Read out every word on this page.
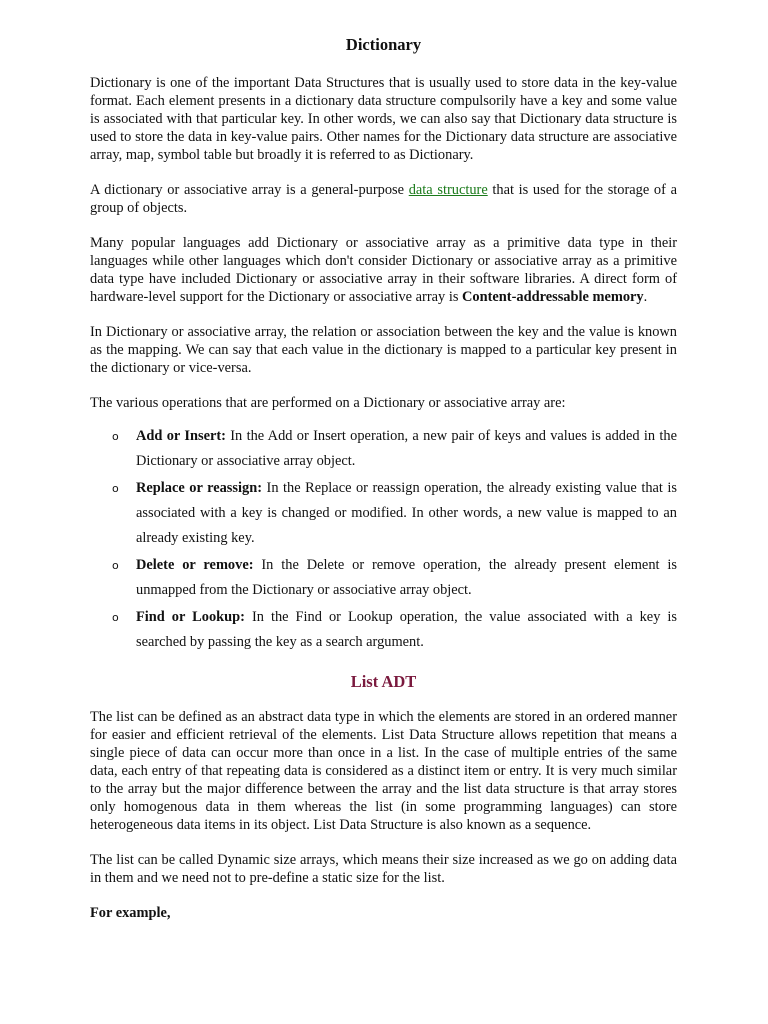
Dictionary

Dictionary is one of the important Data Structures that is usually used to store data in the key-value format. Each element presents in a dictionary data structure compulsorily have a key and some value is associated with that particular key. In other words, we can also say that Dictionary data structure is used to store the data in key-value pairs. Other names for the Dictionary data structure are associative array, map, symbol table but broadly it is referred to as Dictionary.

A dictionary or associative array is a general-purpose data structure that is used for the storage of a group of objects.

Many popular languages add Dictionary or associative array as a primitive data type in their languages while other languages which don't consider Dictionary or associative array as a primitive data type have included Dictionary or associative array in their software libraries. A direct form of hardware-level support for the Dictionary or associative array is Content-addressable memory.

In Dictionary or associative array, the relation or association between the key and the value is known as the mapping. We can say that each value in the dictionary is mapped to a particular key present in the dictionary or vice-versa.

The various operations that are performed on a Dictionary or associative array are:

o Add or Insert: In the Add or Insert operation, a new pair of keys and values is added in the Dictionary or associative array object.
o Replace or reassign: In the Replace or reassign operation, the already existing value that is associated with a key is changed or modified. In other words, a new value is mapped to an already existing key.
o Delete or remove: In the Delete or remove operation, the already present element is unmapped from the Dictionary or associative array object.
o Find or Lookup: In the Find or Lookup operation, the value associated with a key is searched by passing the key as a search argument.
List ADT

The list can be defined as an abstract data type in which the elements are stored in an ordered manner for easier and efficient retrieval of the elements. List Data Structure allows repetition that means a single piece of data can occur more than once in a list. In the case of multiple entries of the same data, each entry of that repeating data is considered as a distinct item or entry. It is very much similar to the array but the major difference between the array and the list data structure is that array stores only homogenous data in them whereas the list (in some programming languages) can store heterogeneous data items in its object. List Data Structure is also known as a sequence.

The list can be called Dynamic size arrays, which means their size increased as we go on adding data in them and we need not to pre-define a static size for the list.

For example,
